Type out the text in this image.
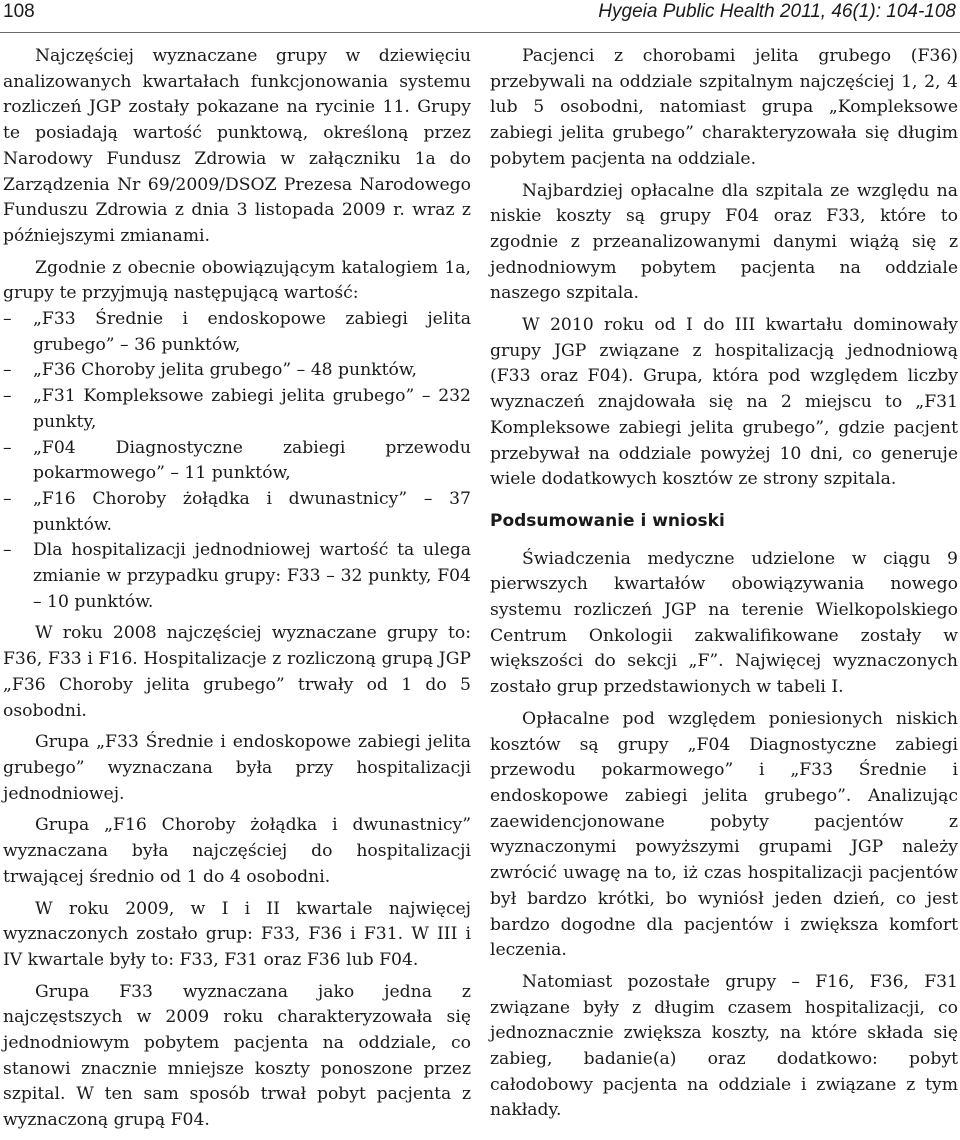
108	Hygeia Public Health 2011, 46(1): 104-108

Najczęściej wyznaczane grupy w dziewięciu analizowanych kwartałach funkcjonowania systemu rozliczeń JGP zostały pokazane na rycinie 11. Grupy te posiadają wartość punktową, określoną przez Narodowy Fundusz Zdrowia w załączniku 1a do Zarządzenia Nr 69/2009/DSOZ Prezesa Narodowego Funduszu Zdrowia z dnia 3 listopada 2009 r. wraz z późniejszymi zmianami.

Zgodnie z obecnie obowiązującym katalogiem 1a, grupy te przyjmują następującą wartość:

– „F33 Średnie i endoskopowe zabiegi jelita grubego” – 36 punktów,

– „F36 Choroby jelita grubego” – 48 punktów,

– „F31 Kompleksowe zabiegi jelita grubego” – 232 punkty,

– „F04 Diagnostyczne zabiegi przewodu pokarmowego” – 11 punktów,

– „F16 Choroby żołądka i dwunastnicy” – 37 punktów.

– Dla hospitalizacji jednodniowej wartość ta ulega zmianie w przypadku grupy: F33 – 32 punkty, F04 – 10 punktów.

W roku 2008 najczęściej wyznaczane grupy to: F36, F33 i F16. Hospitalizacje z rozliczoną grupą JGP „F36 Choroby jelita grubego” trwały od 1 do 5 osobodni.

Grupa „F33 Średnie i endoskopowe zabiegi jelita grubego” wyznaczana była przy hospitalizacji jednodniowej.

Grupa „F16 Choroby żołądka i dwunastnicy” wyznaczana była najczęściej do hospitalizacji trwającej średnio od 1 do 4 osobodni.

W roku 2009, w I i II kwartale najwięcej wyznaczonych zostało grup: F33, F36 i F31. W III i IV kwartale były to: F33, F31 oraz F36 lub F04.

Grupa F33 wyznaczana jako jedna z najczęstszych w 2009 roku charakteryzowała się jednodniowym pobytem pacjenta na oddziale, co stanowi znacznie mniejsze koszty ponoszone przez szpital. W ten sam sposób trwał pobyt pacjenta z wyznaczoną grupą F04.

Pacjenci z chorobami jelita grubego (F36) przebywali na oddziale szpitalnym najczęściej 1, 2, 4 lub 5 osobodni, natomiast grupa „Kompleksowe zabiegi jelita grubego” charakteryzowała się długim pobytem pacjenta na oddziale.

Najbardziej opłacalne dla szpitala ze względu na niskie koszty są grupy F04 oraz F33, które to zgodnie z przeanalizowanymi danymi wiążą się z jednodniowym pobytem pacjenta na oddziale naszego szpitala.

W 2010 roku od I do III kwartału dominowały grupy JGP związane z hospitalizacją jednodniową (F33 oraz F04). Grupa, która pod względem liczby wyznaczeń znajdowała się na 2 miejscu to „F31 Kompleksowe zabiegi jelita grubego”, gdzie pacjent przebywał na oddziale powyżej 10 dni, co generuje wiele dodatkowych kosztów ze strony szpitala.

Podsumowanie i wnioski

Świadczenia medyczne udzielone w ciągu 9 pierwszych kwartałów obowiązywania nowego systemu rozliczeń JGP na terenie Wielkopolskiego Centrum Onkologii zakwalifikowane zostały w większości do sekcji „F”. Najwięcej wyznaczonych zostało grup przedstawionych w tabeli I.

Opłacalne pod względem poniesionych niskich kosztów są grupy „F04 Diagnostyczne zabiegi przewodu pokarmowego” i „F33 Średnie i endoskopowe zabiegi jelita grubego”. Analizując zaewidencjonowane pobyty pacjentów z wyznaczonymi powyższymi grupami JGP należy zwrócić uwagę na to, iż czas hospitalizacji pacjentów był bardzo krótki, bo wyniósł jeden dzień, co jest bardzo dogodne dla pacjentów i zwiększa komfort leczenia.

Natomiast pozostałe grupy – F16, F36, F31 związane były z długim czasem hospitalizacji, co jednoznacznie zwiększa koszty, na które składa się zabieg, badanie(a) oraz dodatkowo: pobyt całodobowy pacjenta na oddziale i związane z tym nakłady.
